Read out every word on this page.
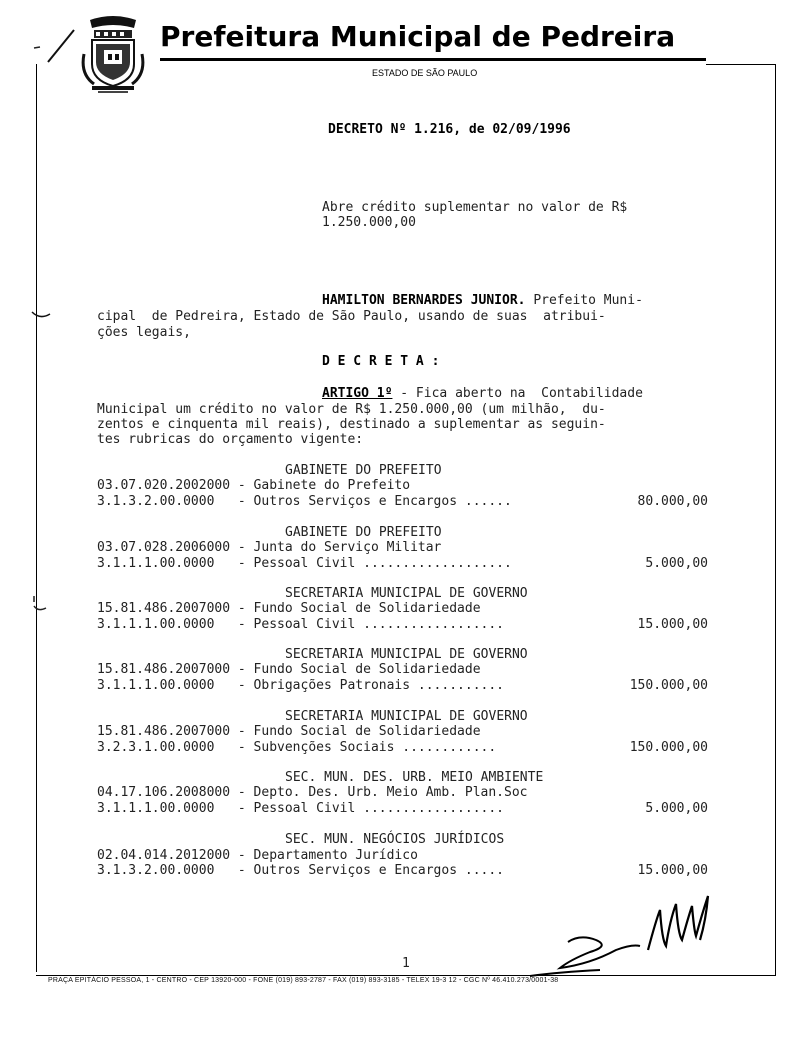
Prefeitura Municipal de Pedreira
ESTADO DE SÃO PAULO
DECRETO Nº 1.216, de 02/09/1996
Abre crédito suplementar no valor de R$
1.250.000,00
HAMILTON BERNARDES JUNIOR. Prefeito Muni-
cipal  de Pedreira, Estado de São Paulo, usando de suas  atribui-
ções legais,
D E C R E T A :
ARTIGO 1º - Fica aberto na  Contabilidade
Municipal um crédito no valor de R$ 1.250.000,00 (um milhão,  du-
zentos e cinquenta mil reais), destinado a suplementar as seguin-
tes rubricas do orçamento vigente:
GABINETE DO PREFEITO
03.07.020.2002000 - Gabinete do Prefeito
3.1.3.2.00.0000   - Outros Serviços e Encargos ......	80.000,00
GABINETE DO PREFEITO
03.07.028.2006000 - Junta do Serviço Militar
3.1.1.1.00.0000   - Pessoal Civil ...................	5.000,00
SECRETARIA MUNICIPAL DE GOVERNO
15.81.486.2007000 - Fundo Social de Solidariedade
3.1.1.1.00.0000   - Pessoal Civil ..................	15.000,00
SECRETARIA MUNICIPAL DE GOVERNO
15.81.486.2007000 - Fundo Social de Solidariedade
3.1.1.1.00.0000   - Obrigações Patronais ...........	150.000,00
SECRETARIA MUNICIPAL DE GOVERNO
15.81.486.2007000 - Fundo Social de Solidariedade
3.2.3.1.00.0000   - Subvenções Sociais ............	150.000,00
SEC. MUN. DES. URB. MEIO AMBIENTE
04.17.106.2008000 - Depto. Des. Urb. Meio Amb. Plan.Soc
3.1.1.1.00.0000   - Pessoal Civil ..................	5.000,00
SEC. MUN. NEGÓCIOS JURÍDICOS
02.04.014.2012000 - Departamento Jurídico
3.1.3.2.00.0000   - Outros Serviços e Encargos .....	15.000,00
1
PRAÇA EPITÁCIO PESSOA, 1 - CENTRO - CEP 13920-000 - FONE (019) 893-2787 - FAX (019) 893-3185 - TELEX 19-3 12 - CGC Nº 46.410.273/0001-38
